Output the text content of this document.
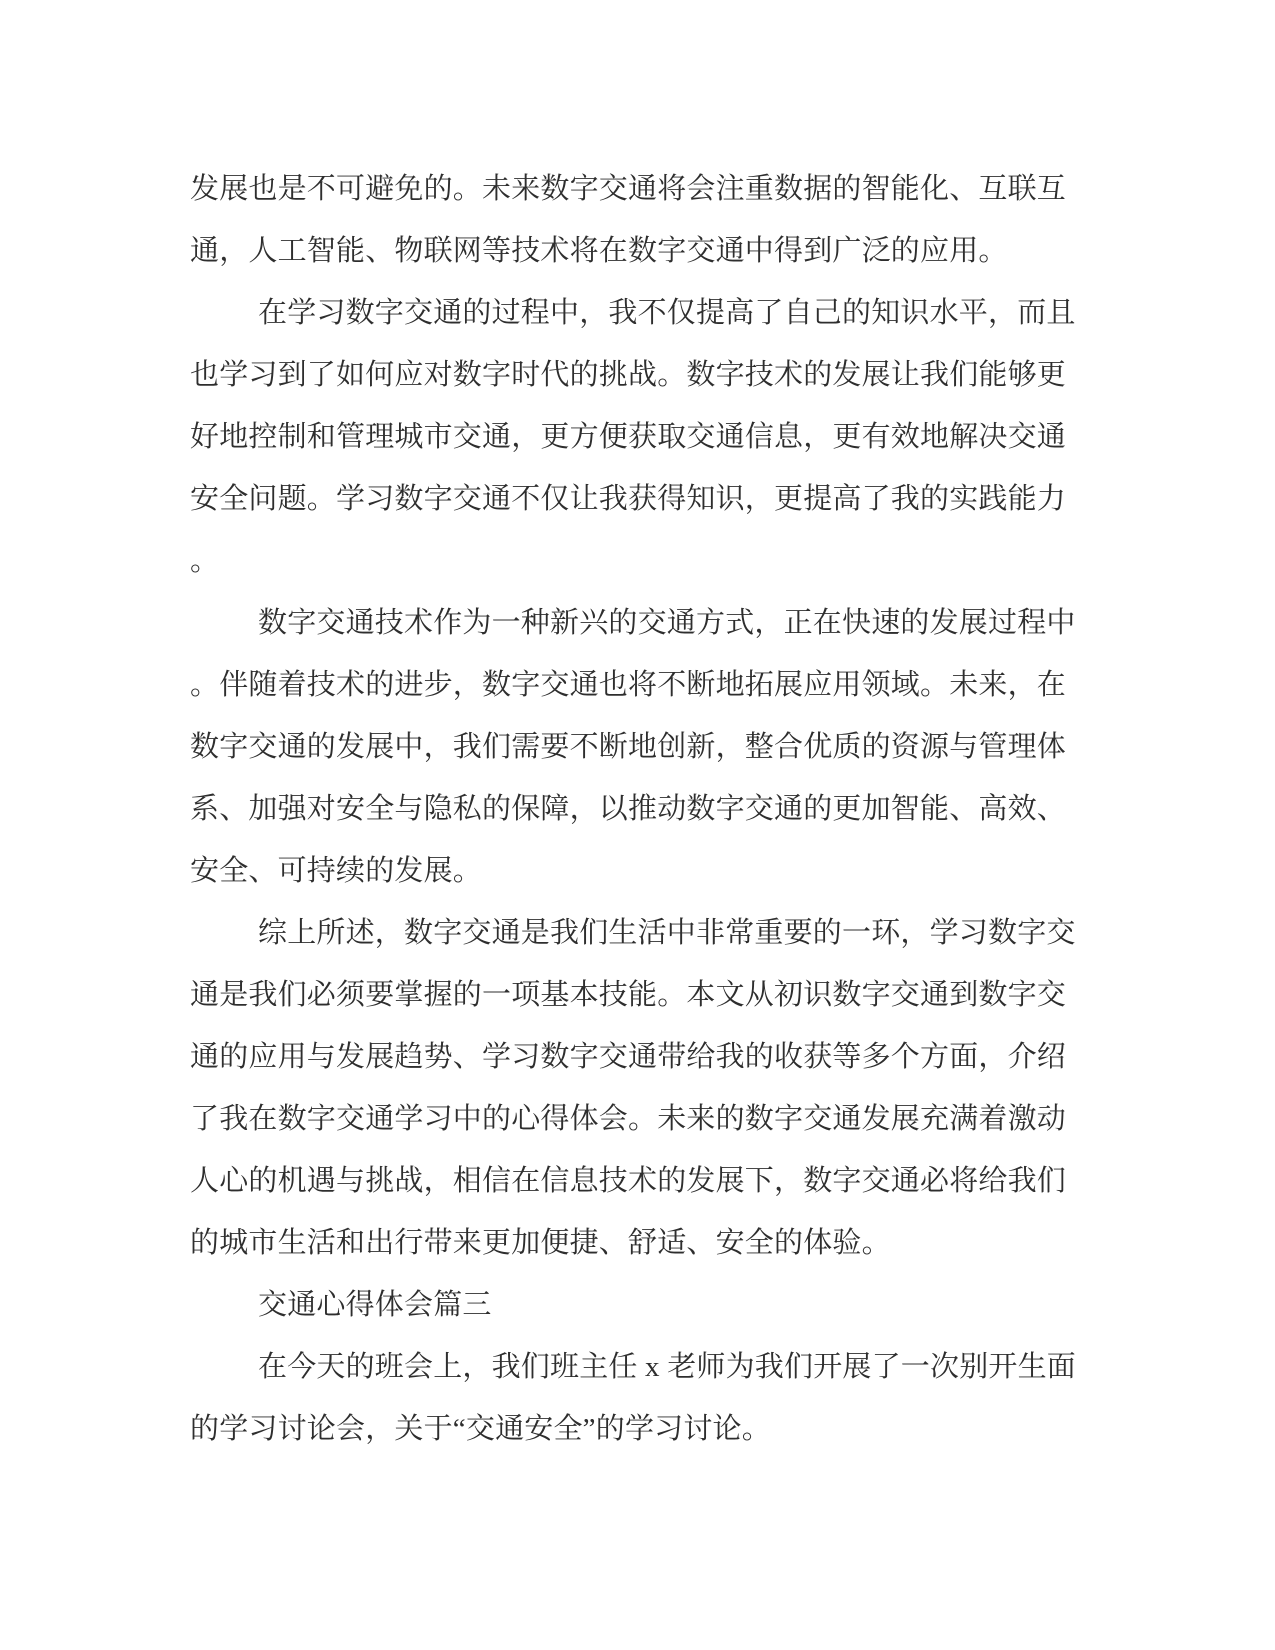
发展也是不可避免的。未来数字交通将会注重数据的智能化、互联互
通，人工智能、物联网等技术将在数字交通中得到广泛的应用。
在学习数字交通的过程中，我不仅提高了自己的知识水平，而且
也学习到了如何应对数字时代的挑战。数字技术的发展让我们能够更
好地控制和管理城市交通，更方便获取交通信息，更有效地解决交通
安全问题。学习数字交通不仅让我获得知识，更提高了我的实践能力
。
数字交通技术作为一种新兴的交通方式，正在快速的发展过程中
。伴随着技术的进步，数字交通也将不断地拓展应用领域。未来，在
数字交通的发展中，我们需要不断地创新，整合优质的资源与管理体
系、加强对安全与隐私的保障，以推动数字交通的更加智能、高效、
安全、可持续的发展。
综上所述，数字交通是我们生活中非常重要的一环，学习数字交
通是我们必须要掌握的一项基本技能。本文从初识数字交通到数字交
通的应用与发展趋势、学习数字交通带给我的收获等多个方面，介绍
了我在数字交通学习中的心得体会。未来的数字交通发展充满着激动
人心的机遇与挑战，相信在信息技术的发展下，数字交通必将给我们
的城市生活和出行带来更加便捷、舒适、安全的体验。
交通心得体会篇三
在今天的班会上，我们班主任 x 老师为我们开展了一次别开生面
的学习讨论会，关于“交通安全”的学习讨论。
